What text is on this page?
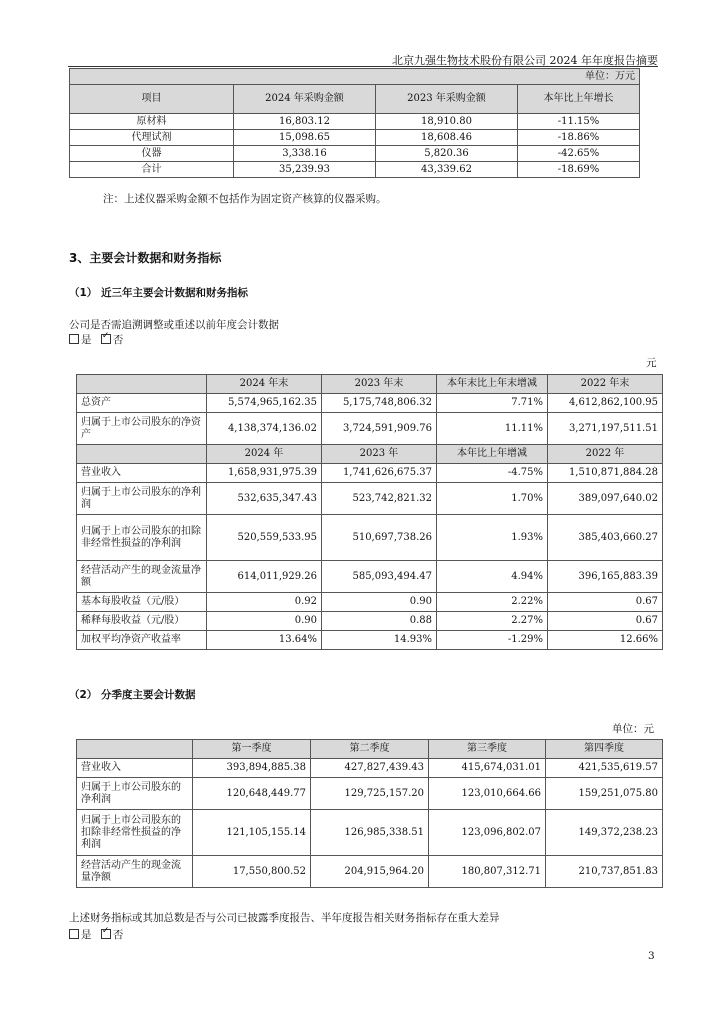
北京九强生物技术股份有限公司 2024 年年度报告摘要
单位：万元			
项目	2024 年采购金额	2023 年采购金额	本年比上年增长
原材料	16,803.12	18,910.80	-11.15%
代理试剂	15,098.65	18,608.46	-18.86%
仪器	3,338.16	5,820.36	-42.65%
合计	35,239.93	43,339.62	-18.69%
注：上述仪器采购金额不包括作为固定资产核算的仪器采购。
3、主要会计数据和财务指标
（1） 近三年主要会计数据和财务指标
公司是否需追溯调整或重述以前年度会计数据
是 ✓ 否
元
	2024 年末	2023 年末	本年末比上年末增减	2022 年末
总资产	5,574,965,162.35	5,175,748,806.32	7.71%	4,612,862,100.95
归属于上市公司股东的净资产	4,138,374,136.02	3,724,591,909.76	11.11%	3,271,197,511.51
	2024 年	2023 年	本年比上年增减	2022 年
营业收入	1,658,931,975.39	1,741,626,675.37	-4.75%	1,510,871,884.28
归属于上市公司股东的净利润	532,635,347.43	523,742,821.32	1.70%	389,097,640.02
归属于上市公司股东的扣除非经常性损益的净利润	520,559,533.95	510,697,738.26	1.93%	385,403,660.27
经营活动产生的现金流量净额	614,011,929.26	585,093,494.47	4.94%	396,165,883.39
基本每股收益（元/股）	0.92	0.90	2.22%	0.67
稀释每股收益（元/股）	0.90	0.88	2.27%	0.67
加权平均净资产收益率	13.64%	14.93%	-1.29%	12.66%
（2） 分季度主要会计数据
单位：元
	第一季度	第二季度	第三季度	第四季度
营业收入	393,894,885.38	427,827,439.43	415,674,031.01	421,535,619.57
归属于上市公司股东的净利润	120,648,449.77	129,725,157.20	123,010,664.66	159,251,075.80
归属于上市公司股东的扣除非经常性损益的净利润	121,105,155.14	126,985,338.51	123,096,802.07	149,372,238.23
经营活动产生的现金流量净额	17,550,800.52	204,915,964.20	180,807,312.71	210,737,851.83
上述财务指标或其加总数是否与公司已披露季度报告、半年度报告相关财务指标存在重大差异
是 ✓ 否
3
